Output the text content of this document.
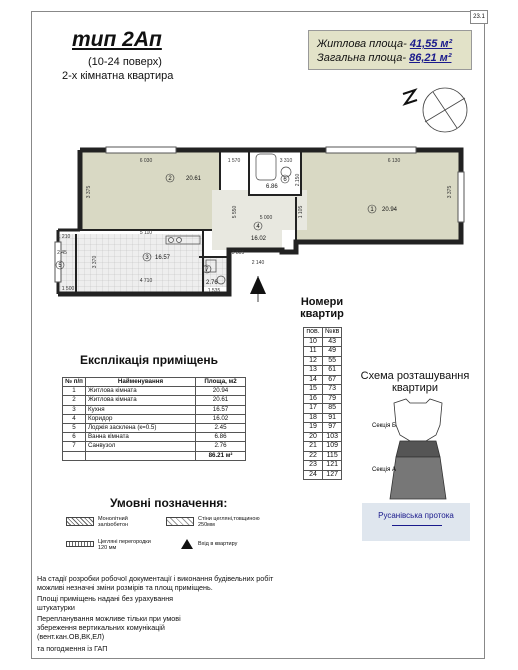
23.1
тип 2Ап
(10-24 поверх)
2-х кімнатна квартира
Житлова площа- 41,55 м²
Загальна площа- 86,21 м²
6 030	1 570	3 310	6 130
3 375
5 110
5 550	5 000
3 375
1 210
2.45
3 370
4 710
3 805
2 140
2.150
1.535
1 500
1 105
2 20.61	6
6.86
1 20.94
4
16.02
5
3 16.57
7
2.76
Номери квартир
пов.	№кв
10	43
11	49
12	55
13	61
14	67
15	73
16	79
17	85
18	91
19	97
20	103
21	109
22	115
23	121
24	127
Експлікація приміщень
№ п/п	Найменування	Площа, м2
1	Житлова кімната	20.94
2	Житлова кімната	20.61
3	Кухня	16.57
4	Коридор	16.02
5	Лоджія засклена (к=0.5)	2.45
6	Ванна кімната	6.86
7	Санвузол	2.76
		86.21 м²
Схема розташування квартири
Секція Б
Секція А
Русанівська протока
Умовні позначення:
Монолітний залізобетон
Стіни цегляні,товщиною 250мм
Цегляні перегородки 120 мм
Вхід в квартиру
На стадії розробки робочої документації і виконання будівельних робіт
можливі незначні зміни розмірів та площ приміщень.
Площі приміщень надані без урахування
штукатурки
Перепланування можливе тільки при умові
збереження вертикальних комунікацій
(вент.кан.ОВ,ВК,ЕЛ)
та погодження із ГАП
